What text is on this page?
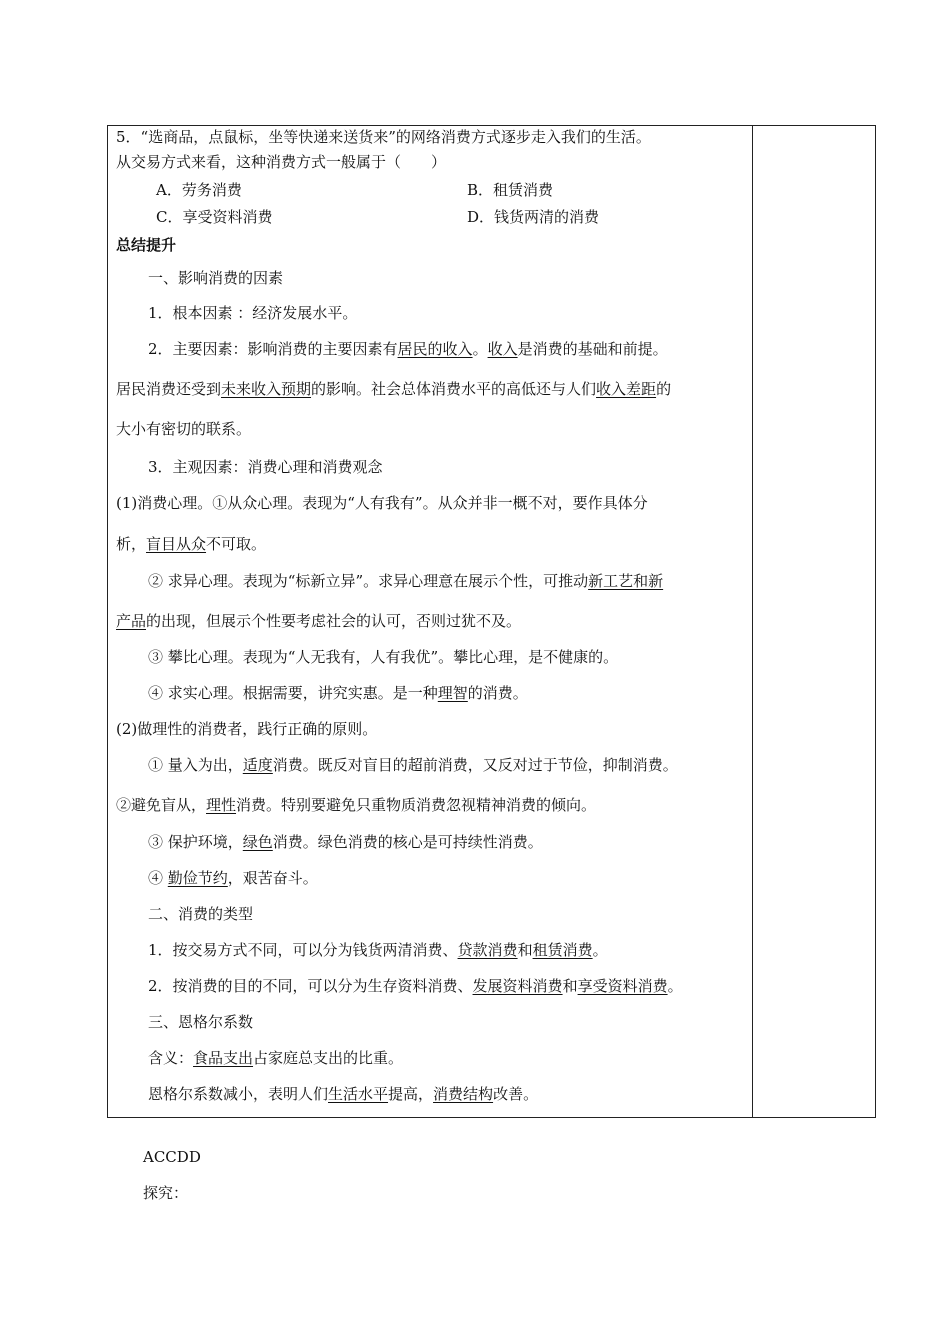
5．“选商品，点鼠标，坐等快递来送货来”的网络消费方式逐步走入我们的生活。
从交易方式来看，这种消费方式一般属于（　　）
A．劳务消费	B．租赁消费
C．享受资料消费	D．钱货两清的消费
总结提升
一、影响消费的因素
1．根本因素 ：经济发展水平。
2．主要因素：影响消费的主要因素有居民的收入。收入是消费的基础和前提。
居民消费还受到未来收入预期的影响。社会总体消费水平的高低还与人们收入差距的
大小有密切的联系。
3．主观因素：消费心理和消费观念
(1)消费心理。①从众心理。表现为“人有我有”。从众并非一概不对，要作具体分
析，盲目从众不可取。
② 求异心理。表现为“标新立异”。求异心理意在展示个性，可推动新工艺和新
产品的出现，但展示个性要考虑社会的认可，否则过犹不及。
③ 攀比心理。表现为“人无我有，人有我优”。攀比心理，是不健康的。
④ 求实心理。根据需要，讲究实惠。是一种理智的消费。
(2)做理性的消费者，践行正确的原则。
① 量入为出，适度消费。既反对盲目的超前消费，又反对过于节俭，抑制消费。
②避免盲从，理性消费。特别要避免只重物质消费忽视精神消费的倾向。
③ 保护环境，绿色消费。绿色消费的核心是可持续性消费。
④ 勤俭节约，艰苦奋斗。
二、消费的类型
1．按交易方式不同，可以分为钱货两清消费、贷款消费和租赁消费。
2．按消费的目的不同，可以分为生存资料消费、发展资料消费和享受资料消费。
三、恩格尔系数
含义：食品支出占家庭总支出的比重。
恩格尔系数减小，表明人们生活水平提高，消费结构改善。
ACCDD
探究：
